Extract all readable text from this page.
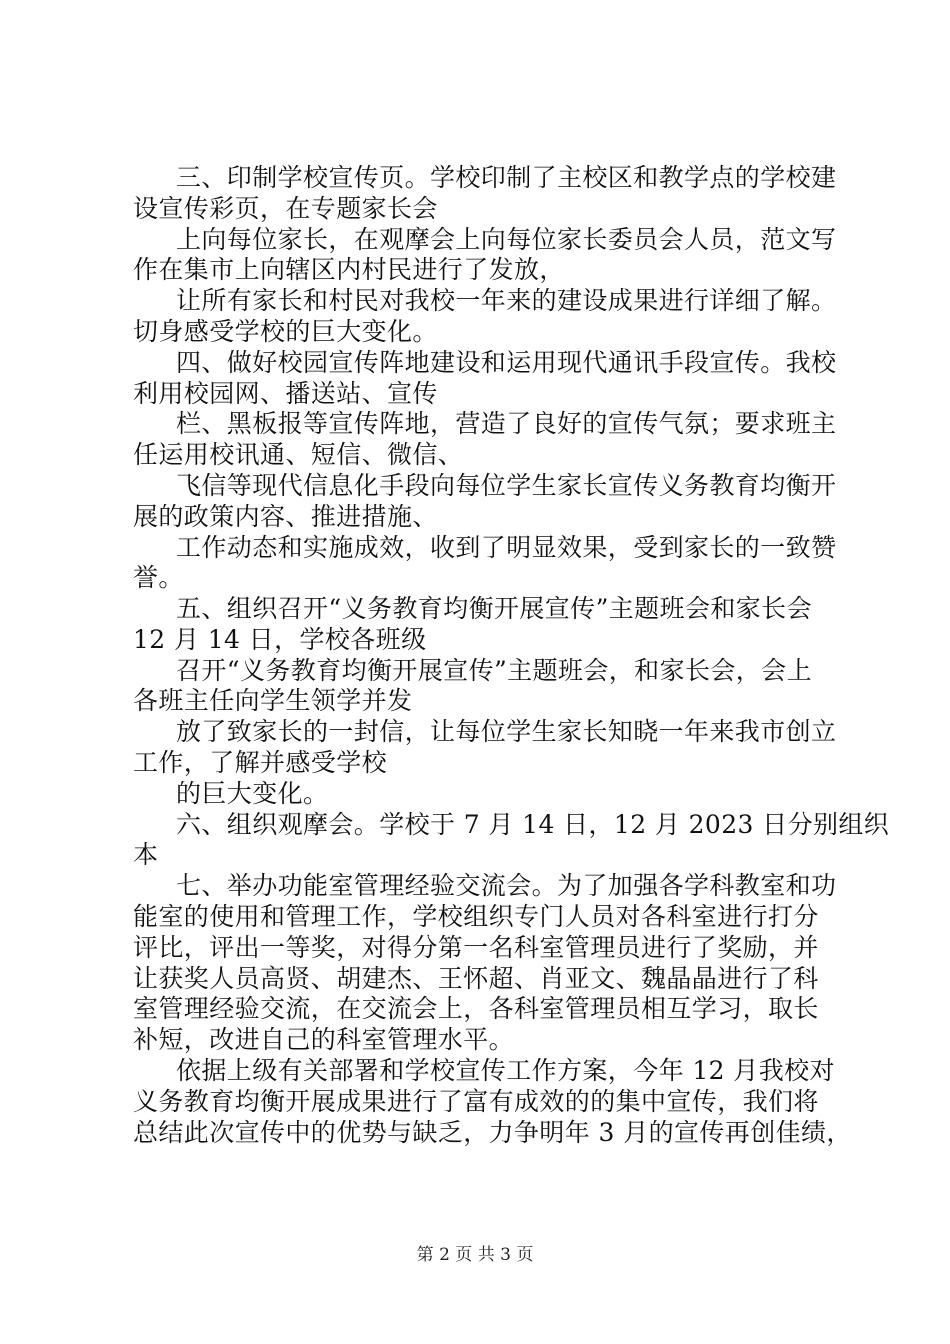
三、印制学校宣传页。学校印制了主校区和教学点的学校建
设宣传彩页，在专题家长会
上向每位家长，在观摩会上向每位家长委员会人员，范文写
作在集市上向辖区内村民进行了发放，
让所有家长和村民对我校一年来的建设成果进行详细了解。
切身感受学校的巨大变化。
四、做好校园宣传阵地建设和运用现代通讯手段宣传。我校
利用校园网、播送站、宣传
栏、黑板报等宣传阵地，营造了良好的宣传气氛；要求班主
任运用校讯通、短信、微信、
飞信等现代信息化手段向每位学生家长宣传义务教育均衡开
展的政策内容、推进措施、
工作动态和实施成效，收到了明显效果，受到家长的一致赞
誉。
五、组织召开“义务教育均衡开展宣传”主题班会和家长会
12 月 14 日，学校各班级
召开“义务教育均衡开展宣传”主题班会，和家长会，会上
各班主任向学生领学并发
放了致家长的一封信，让每位学生家长知晓一年来我市创立
工作，了解并感受学校
的巨大变化。
六、组织观摩会。学校于 7 月 14 日，12 月 2023 日分别组织
本
七、举办功能室管理经验交流会。为了加强各学科教室和功
能室的使用和管理工作，学校组织专门人员对各科室进行打分
评比，评出一等奖，对得分第一名科室管理员进行了奖励，并
让获奖人员高贤、胡建杰、王怀超、肖亚文、魏晶晶进行了科
室管理经验交流，在交流会上，各科室管理员相互学习，取长
补短，改进自己的科室管理水平。
依据上级有关部署和学校宣传工作方案，今年 12 月我校对
义务教育均衡开展成果进行了富有成效的的集中宣传，我们将
总结此次宣传中的优势与缺乏，力争明年 3 月的宣传再创佳绩，
第 2 页 共 3 页
